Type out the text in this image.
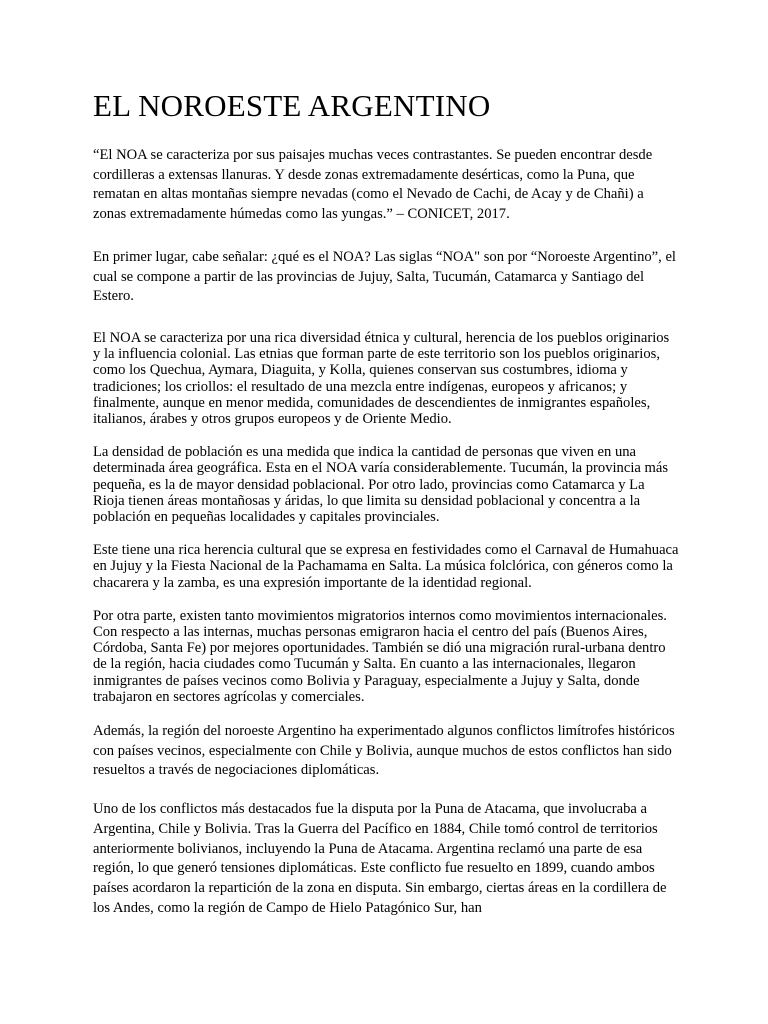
EL NOROESTE ARGENTINO

“El NOA se caracteriza por sus paisajes muchas veces contrastantes. Se pueden encontrar desde cordilleras a extensas llanuras. Y desde zonas extremadamente desérticas, como la Puna, que rematan en altas montañas siempre nevadas (como el Nevado de Cachi, de Acay y de Chañi) a zonas extremadamente húmedas como las yungas.” – CONICET, 2017.

En primer lugar, cabe señalar: ¿qué es el NOA? Las siglas “NOA" son por “Noroeste Argentino”, el cual se compone a partir de las provincias de Jujuy, Salta, Tucumán, Catamarca y Santiago del Estero.

El NOA se caracteriza por una rica diversidad étnica y cultural, herencia de los pueblos originarios y la influencia colonial. Las etnias que forman parte de este territorio son los pueblos originarios, como los Quechua, Aymara, Diaguita, y Kolla, quienes conservan sus costumbres, idioma y tradiciones; los criollos: el resultado de una mezcla entre indígenas, europeos y africanos; y finalmente, aunque en menor medida, comunidades de descendientes de inmigrantes españoles, italianos, árabes y otros grupos europeos y de Oriente Medio.

La densidad de población es una medida que indica la cantidad de personas que viven en una determinada área geográfica. Esta en el NOA varía considerablemente. Tucumán, la provincia más pequeña, es la de mayor densidad poblacional. Por otro lado, provincias como Catamarca y La Rioja tienen áreas montañosas y áridas, lo que limita su densidad poblacional y concentra a la población en pequeñas localidades y capitales provinciales.

Este tiene una rica herencia cultural que se expresa en festividades como el Carnaval de Humahuaca en Jujuy y la Fiesta Nacional de la Pachamama en Salta. La música folclórica, con géneros como la chacarera y la zamba, es una expresión importante de la identidad regional.

Por otra parte, existen tanto movimientos migratorios internos como movimientos internacionales. Con respecto a las internas, muchas personas emigraron hacia el centro del país (Buenos Aires, Córdoba, Santa Fe) por mejores oportunidades. También se dió una migración rural-urbana dentro de la región, hacia ciudades como Tucumán y Salta. En cuanto a las internacionales, llegaron inmigrantes de países vecinos como Bolivia y Paraguay, especialmente a Jujuy y Salta, donde trabajaron en sectores agrícolas y comerciales.

Además, la región del noroeste Argentino ha experimentado algunos conflictos limítrofes históricos con países vecinos, especialmente con Chile y Bolivia, aunque muchos de estos conflictos han sido resueltos a través de negociaciones diplomáticas.

Uno de los conflictos más destacados fue la disputa por la Puna de Atacama, que involucraba a Argentina, Chile y Bolivia. Tras la Guerra del Pacífico en 1884, Chile tomó control de territorios anteriormente bolivianos, incluyendo la Puna de Atacama. Argentina reclamó una parte de esa región, lo que generó tensiones diplomáticas. Este conflicto fue resuelto en 1899, cuando ambos países acordaron la repartición de la zona en disputa. Sin embargo, ciertas áreas en la cordillera de los Andes, como la región de Campo de Hielo Patagónico Sur, han
